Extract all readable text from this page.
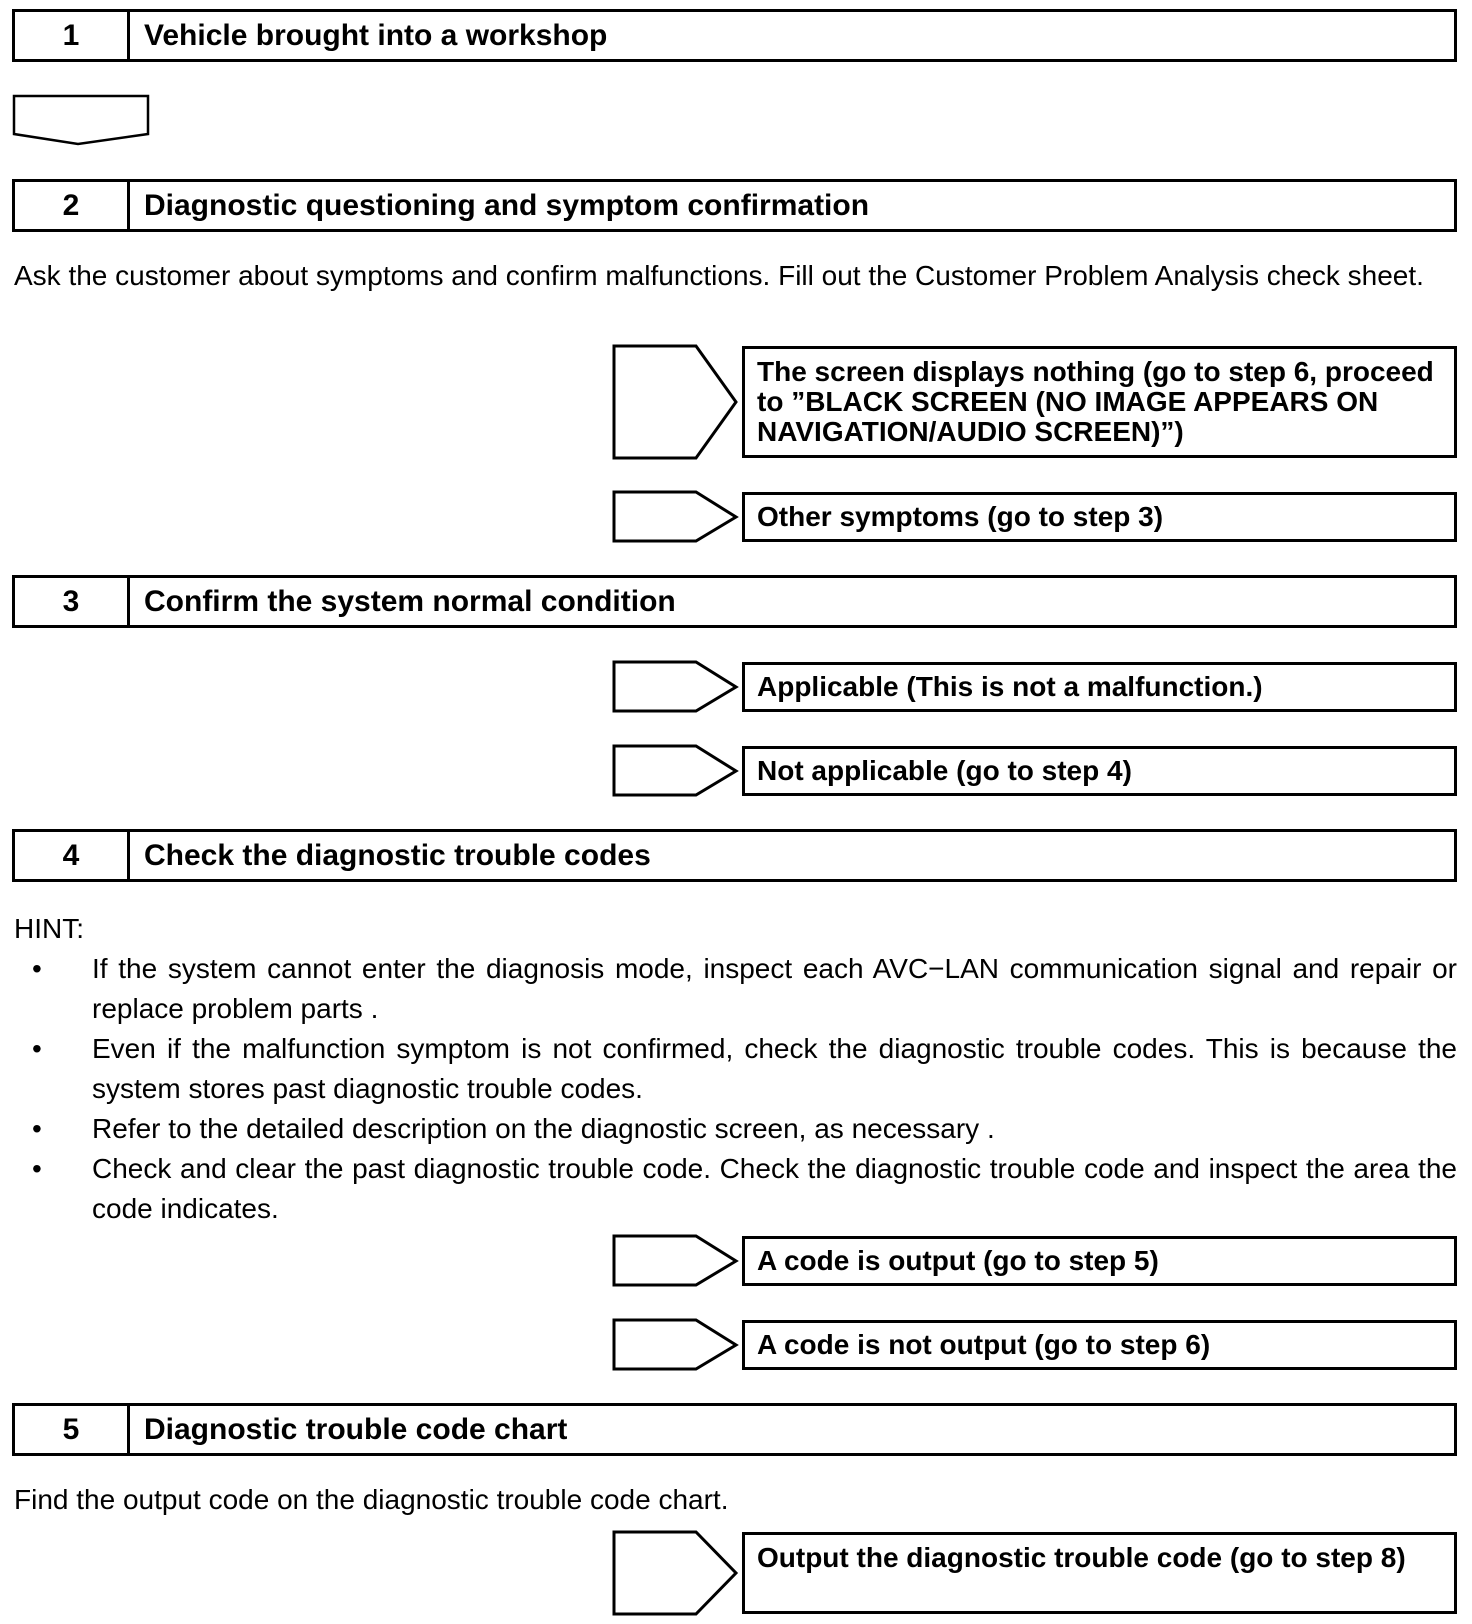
1	Vehicle brought into a workshop
2	Diagnostic questioning and symptom confirmation
Ask the customer about symptoms and confirm malfunctions. Fill out the Customer Problem Analysis check sheet.
The screen displays nothing (go to step 6, proceed to ”BLACK SCREEN (NO IMAGE APPEARS ON NAVIGATION/AUDIO SCREEN)”)
Other symptoms (go to step 3)
3	Confirm the system normal condition
Applicable (This is not a malfunction.)
Not applicable (go to step 4)
4	Check the diagnostic trouble codes
HINT:
•	If the system cannot enter the diagnosis mode, inspect each AVC−LAN communication signal and repair or replace problem parts .
•	Even if the malfunction symptom is not confirmed, check the diagnostic trouble codes. This is because the system stores past diagnostic trouble codes.
•	Refer to the detailed description on the diagnostic screen, as necessary .
•	Check and clear the past diagnostic trouble code. Check the diagnostic trouble code and inspect the area the code indicates.
A code is output (go to step 5)
A code is not output (go to step 6)
5	Diagnostic trouble code chart
Find the output code on the diagnostic trouble code chart.
Output the diagnostic trouble code (go to step 8)
